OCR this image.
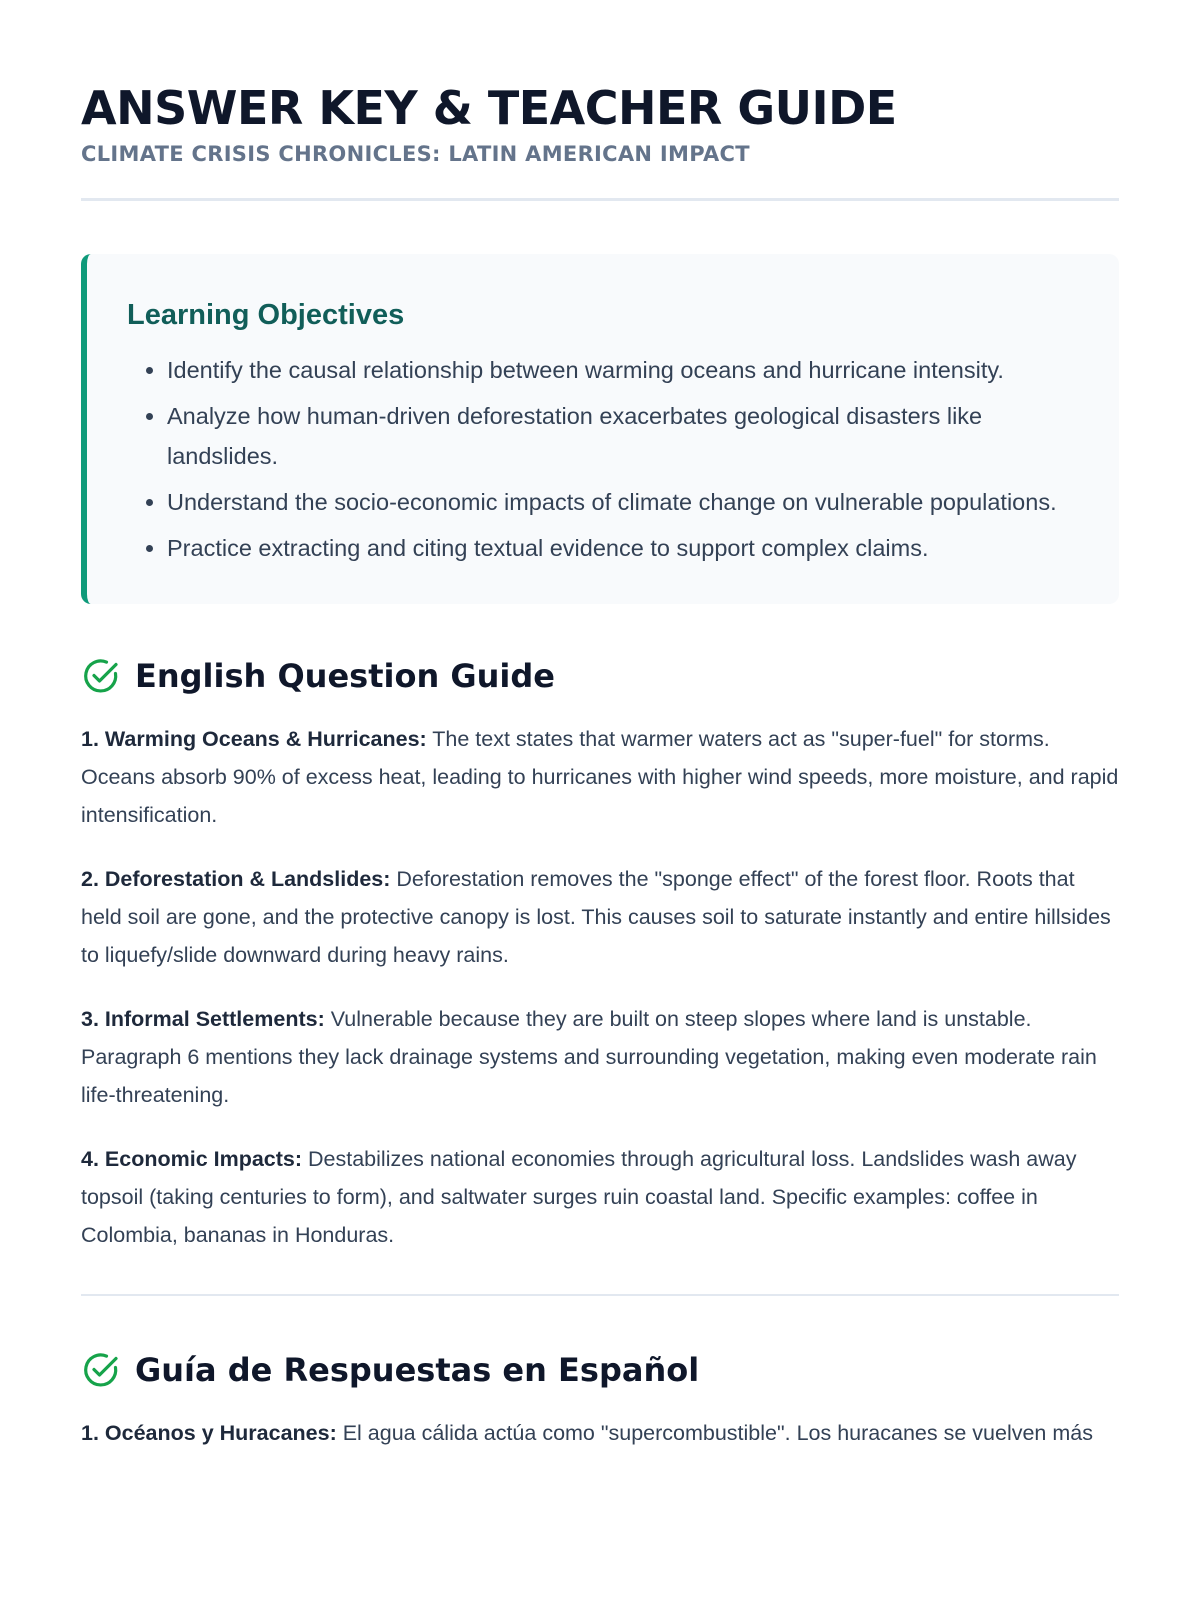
ANSWER KEY & TEACHER GUIDE
CLIMATE CRISIS CHRONICLES: LATIN AMERICAN IMPACT
Learning Objectives
• Identify the causal relationship between warming oceans and hurricane intensity.
• Analyze how human-driven deforestation exacerbates geological disasters like landslides.
• Understand the socio-economic impacts of climate change on vulnerable populations.
• Practice extracting and citing textual evidence to support complex claims.
English Question Guide

1. Warming Oceans & Hurricanes: The text states that warmer waters act as "super-fuel" for storms. Oceans absorb 90% of excess heat, leading to hurricanes with higher wind speeds, more moisture, and rapid intensification.

2. Deforestation & Landslides: Deforestation removes the "sponge effect" of the forest floor. Roots that held soil are gone, and the protective canopy is lost. This causes soil to saturate instantly and entire hillsides to liquefy/slide downward during heavy rains.

3. Informal Settlements: Vulnerable because they are built on steep slopes where land is unstable. Paragraph 6 mentions they lack drainage systems and surrounding vegetation, making even moderate rain life-threatening.

4. Economic Impacts: Destabilizes national economies through agricultural loss. Landslides wash away topsoil (taking centuries to form), and saltwater surges ruin coastal land. Specific examples: coffee in Colombia, bananas in Honduras.

Guía de Respuestas en Español

1. Océanos y Huracanes: El agua cálida actúa como "supercombustible". Los huracanes se vuelven más
